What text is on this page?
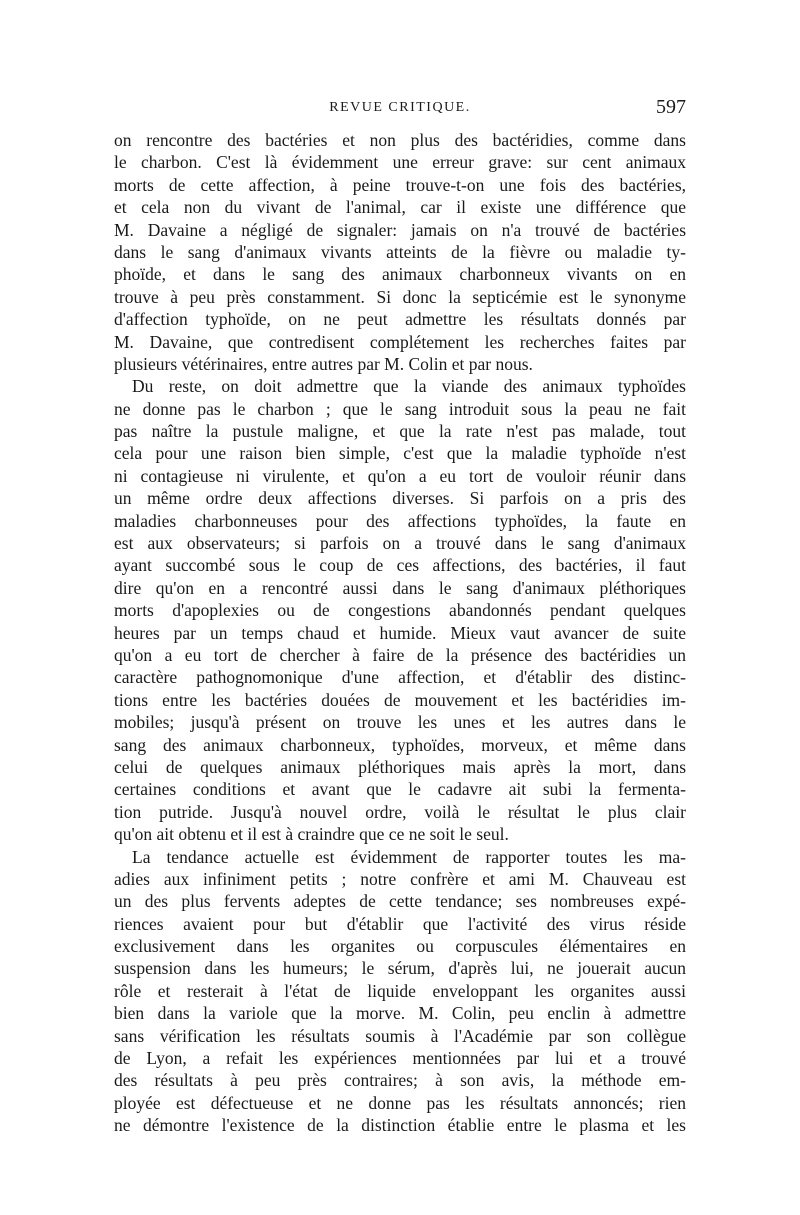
REVUE CRITIQUE.	597
on rencontre des bactéries et non plus des bactéridies, comme dans
le charbon. C'est là évidemment une erreur grave: sur cent animaux
morts de cette affection, à peine trouve-t-on une fois des bactéries,
et cela non du vivant de l'animal, car il existe une différence que
M. Davaine a négligé de signaler: jamais on n'a trouvé de bactéries
dans le sang d'animaux vivants atteints de la fièvre ou maladie ty-
phoïde, et dans le sang des animaux charbonneux vivants on en
trouve à peu près constamment. Si donc la septicémie est le synonyme
d'affection typhoïde, on ne peut admettre les résultats donnés par
M. Davaine, que contredisent complétement les recherches faites par
plusieurs vétérinaires, entre autres par M. Colin et par nous.
Du reste, on doit admettre que la viande des animaux typhoïdes
ne donne pas le charbon ; que le sang introduit sous la peau ne fait
pas naître la pustule maligne, et que la rate n'est pas malade, tout
cela pour une raison bien simple, c'est que la maladie typhoïde n'est
ni contagieuse ni virulente, et qu'on a eu tort de vouloir réunir dans
un même ordre deux affections diverses. Si parfois on a pris des
maladies charbonneuses pour des affections typhoïdes, la faute en
est aux observateurs; si parfois on a trouvé dans le sang d'animaux
ayant succombé sous le coup de ces affections, des bactéries, il faut
dire qu'on en a rencontré aussi dans le sang d'animaux pléthoriques
morts d'apoplexies ou de congestions abandonnés pendant quelques
heures par un temps chaud et humide. Mieux vaut avancer de suite
qu'on a eu tort de chercher à faire de la présence des bactéridies un
caractère pathognomonique d'une affection, et d'établir des distinc-
tions entre les bactéries douées de mouvement et les bactéridies im-
mobiles; jusqu'à présent on trouve les unes et les autres dans le
sang des animaux charbonneux, typhoïdes, morveux, et même dans
celui de quelques animaux pléthoriques mais après la mort, dans
certaines conditions et avant que le cadavre ait subi la fermenta-
tion putride. Jusqu'à nouvel ordre, voilà le résultat le plus clair
qu'on ait obtenu et il est à craindre que ce ne soit le seul.
La tendance actuelle est évidemment de rapporter toutes les ma-
adies aux infiniment petits ; notre confrère et ami M. Chauveau est
un des plus fervents adeptes de cette tendance; ses nombreuses expé-
riences avaient pour but d'établir que l'activité des virus réside
exclusivement dans les organites ou corpuscules élémentaires en
suspension dans les humeurs; le sérum, d'après lui, ne jouerait aucun
rôle et resterait à l'état de liquide enveloppant les organites aussi
bien dans la variole que la morve. M. Colin, peu enclin à admettre
sans vérification les résultats soumis à l'Académie par son collègue
de Lyon, a refait les expériences mentionnées par lui et a trouvé
des résultats à peu près contraires; à son avis, la méthode em-
ployée est défectueuse et ne donne pas les résultats annoncés; rien
ne démontre l'existence de la distinction établie entre le plasma et les
